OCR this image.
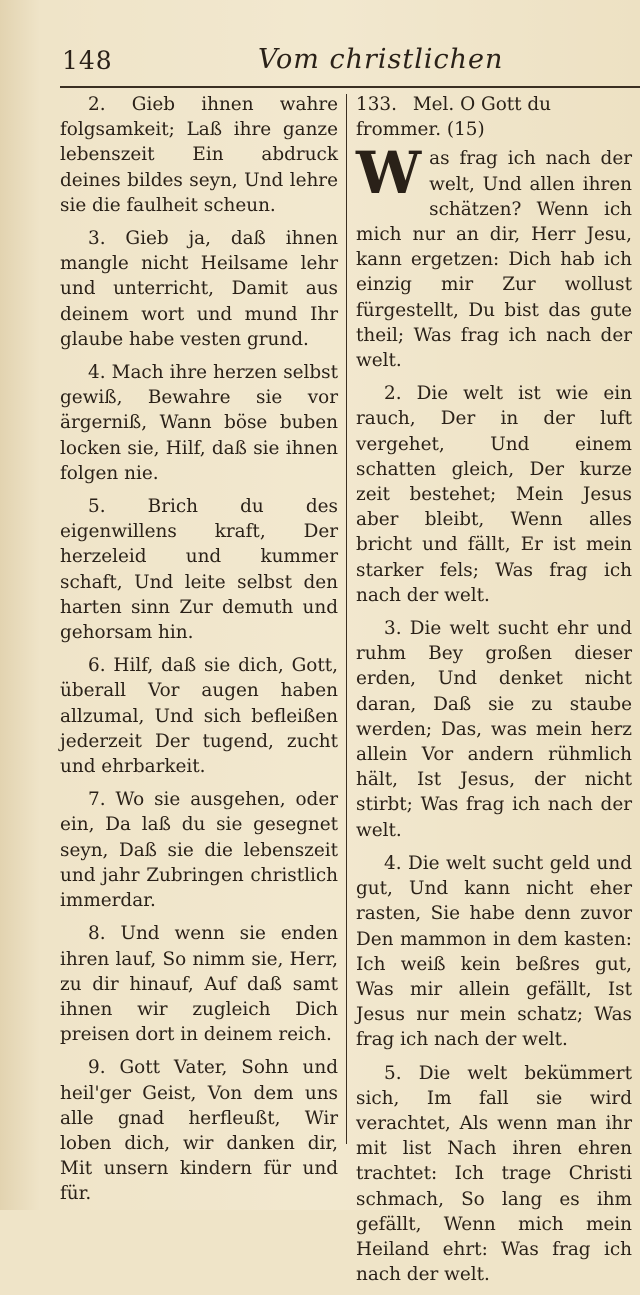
148	Vom christlichen

2. Gieb ihnen wahre folgsamkeit; Laß ihre ganze lebenszeit Ein abdruck deines bildes seyn, Und lehre sie die faulheit scheun.

3. Gieb ja, daß ihnen mangle nicht Heilsame lehr und unterricht, Damit aus deinem wort und mund Ihr glaube habe vesten grund.

4. Mach ihre herzen selbst gewiß, Bewahre sie vor ärgerniß, Wann böse buben locken sie, Hilf, daß sie ihnen folgen nie.

5. Brich du des eigenwillens kraft, Der herzeleid und kummer schaft, Und leite selbst den harten sinn Zur demuth und gehorsam hin.

6. Hilf, daß sie dich, Gott, überall Vor augen haben allzumal, Und sich befleißen jederzeit Der tugend, zucht und ehrbarkeit.

7. Wo sie ausgehen, oder ein, Da laß du sie gesegnet seyn, Daß sie die lebenszeit und jahr Zubringen christlich immerdar.

8. Und wenn sie enden ihren lauf, So nimm sie, Herr, zu dir hinauf, Auf daß samt ihnen wir zugleich Dich preisen dort in deinem reich.

9. Gott Vater, Sohn und heil'ger Geist, Von dem uns alle gnad herfleußt, Wir loben dich, wir danken dir, Mit unsern kindern für und für.

133. Mel. O Gott du frommer. (15)

Was frag ich nach der welt, Und allen ihren schätzen? Wenn ich mich nur an dir, Herr Jesu, kann ergetzen: Dich hab ich einzig mir Zur wollust fürgestellt, Du bist das gute theil; Was frag ich nach der welt.

2. Die welt ist wie ein rauch, Der in der luft vergehet, Und einem schatten gleich, Der kurze zeit bestehet; Mein Jesus aber bleibt, Wenn alles bricht und fällt, Er ist mein starker fels; Was frag ich nach der welt.

3. Die welt sucht ehr und ruhm Bey großen dieser erden, Und denket nicht daran, Daß sie zu staube werden; Das, was mein herz allein Vor andern rühmlich hält, Ist Jesus, der nicht stirbt; Was frag ich nach der welt.

4. Die welt sucht geld und gut, Und kann nicht eher rasten, Sie habe denn zuvor Den mammon in dem kasten: Ich weiß kein beßres gut, Was mir allein gefällt, Ist Jesus nur mein schatz; Was frag ich nach der welt.

5. Die welt bekümmert sich, Im fall sie wird verachtet, Als wenn man ihr mit list Nach ihren ehren trachtet: Ich trage Christi schmach, So lang es ihm gefällt, Wenn mich mein Heiland ehrt: Was frag ich nach der welt.
